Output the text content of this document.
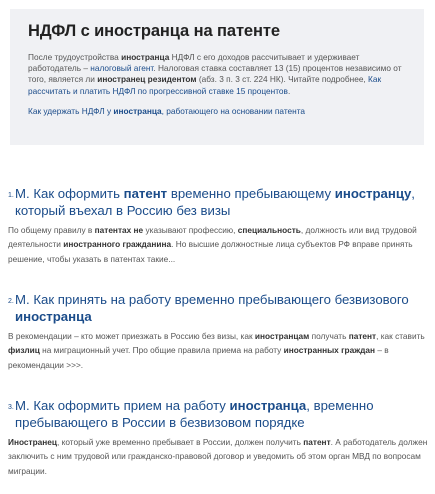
НДФЛ с иностранца на патенте
После трудоустройства иностранца НДФЛ с его доходов рассчитывает и удерживает работодатель – налоговый агент. Налоговая ставка составляет 13 (15) процентов независимо от того, является ли иностранец резидентом (абз. 3 п. 3 ст. 224 НК). Читайте подробнее, Как рассчитать и платить НДФЛ по прогрессивной ставке 15 процентов.
Как удержать НДФЛ у иностранца, работающего на основании патента
1. М. Как оформить патент временно пребывающему иностранцу, который въехал в Россию без визы
По общему правилу в патентах не указывают профессию, специальность, должность или вид трудовой деятельности иностранного гражданина. Но высшие должностные лица субъектов РФ вправе принять решение, чтобы указать в патентах такие...
2. М. Как принять на работу временно пребывающего безвизового иностранца
В рекомендации – кто может приезжать в Россию без визы, как иностранцам получать патент, как ставить физлиц на миграционный учет. Про общие правила приема на работу иностранных граждан – в рекомендации >>>.
3. М. Как оформить прием на работу иностранца, временно пребывающего в России в безвизовом порядке
Иностранец, который уже временно пребывает в России, должен получить патент. А работодатель должен заключить с ним трудовой или гражданско-правовой договор и уведомить об этом орган МВД по вопросам миграции.
